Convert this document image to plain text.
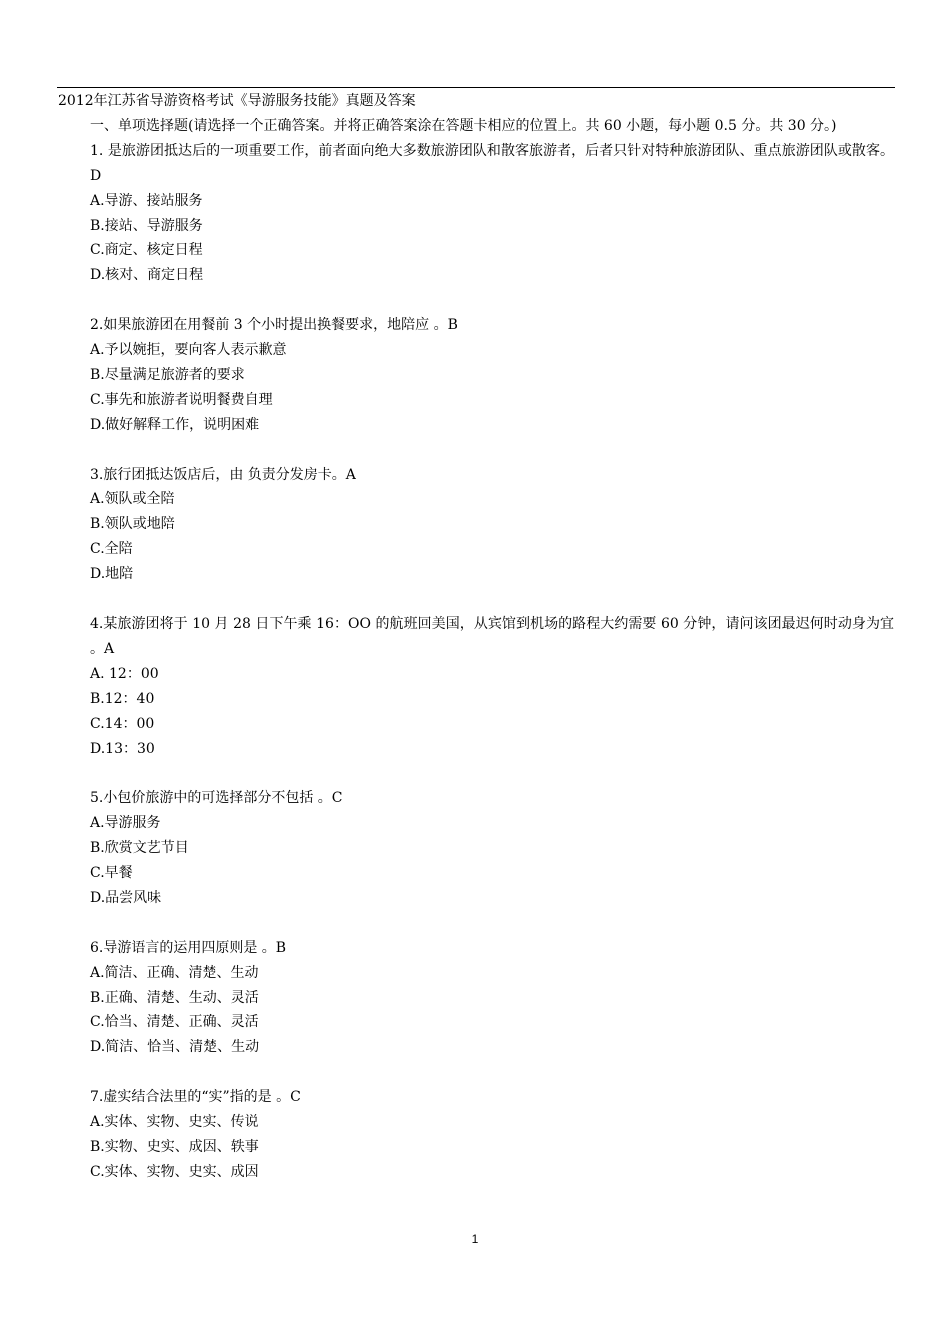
2012年江苏省导游资格考试《导游服务技能》真题及答案
一、单项选择题(请选择一个正确答案。并将正确答案涂在答题卡相应的位置上。共 60 小题，每小题 0.5 分。共 30 分。)
1. 是旅游团抵达后的一项重要工作，前者面向绝大多数旅游团队和散客旅游者，后者只针对特种旅游团队、重点旅游团队或散客。D
A.导游、接站服务
B.接站、导游服务
C.商定、核定日程
D.核对、商定日程
2.如果旅游团在用餐前 3 个小时提出换餐要求，地陪应 。B
A.予以婉拒，要向客人表示歉意
B.尽量满足旅游者的要求
C.事先和旅游者说明餐费自理
D.做好解释工作，说明困难
3.旅行团抵达饭店后，由 负责分发房卡。A
A.领队或全陪
B.领队或地陪
C.全陪
D.地陪
4.某旅游团将于 10 月 28 日下午乘 16：OO 的航班回美国，从宾馆到机场的路程大约需要 60 分钟，请问该团最迟何时动身为宜 。A
A. 12：00
B.12：40
C.14：00
D.13：30
5.小包价旅游中的可选择部分不包括 。C
A.导游服务
B.欣赏文艺节目
C.早餐
D.品尝风味
6.导游语言的运用四原则是 。B
A.简洁、正确、清楚、生动
B.正确、清楚、生动、灵活
C.恰当、清楚、正确、灵活
D.简洁、恰当、清楚、生动
7.虚实结合法里的“实”指的是 。C
A.实体、实物、史实、传说
B.实物、史实、成因、轶事
C.实体、实物、史实、成因
1
